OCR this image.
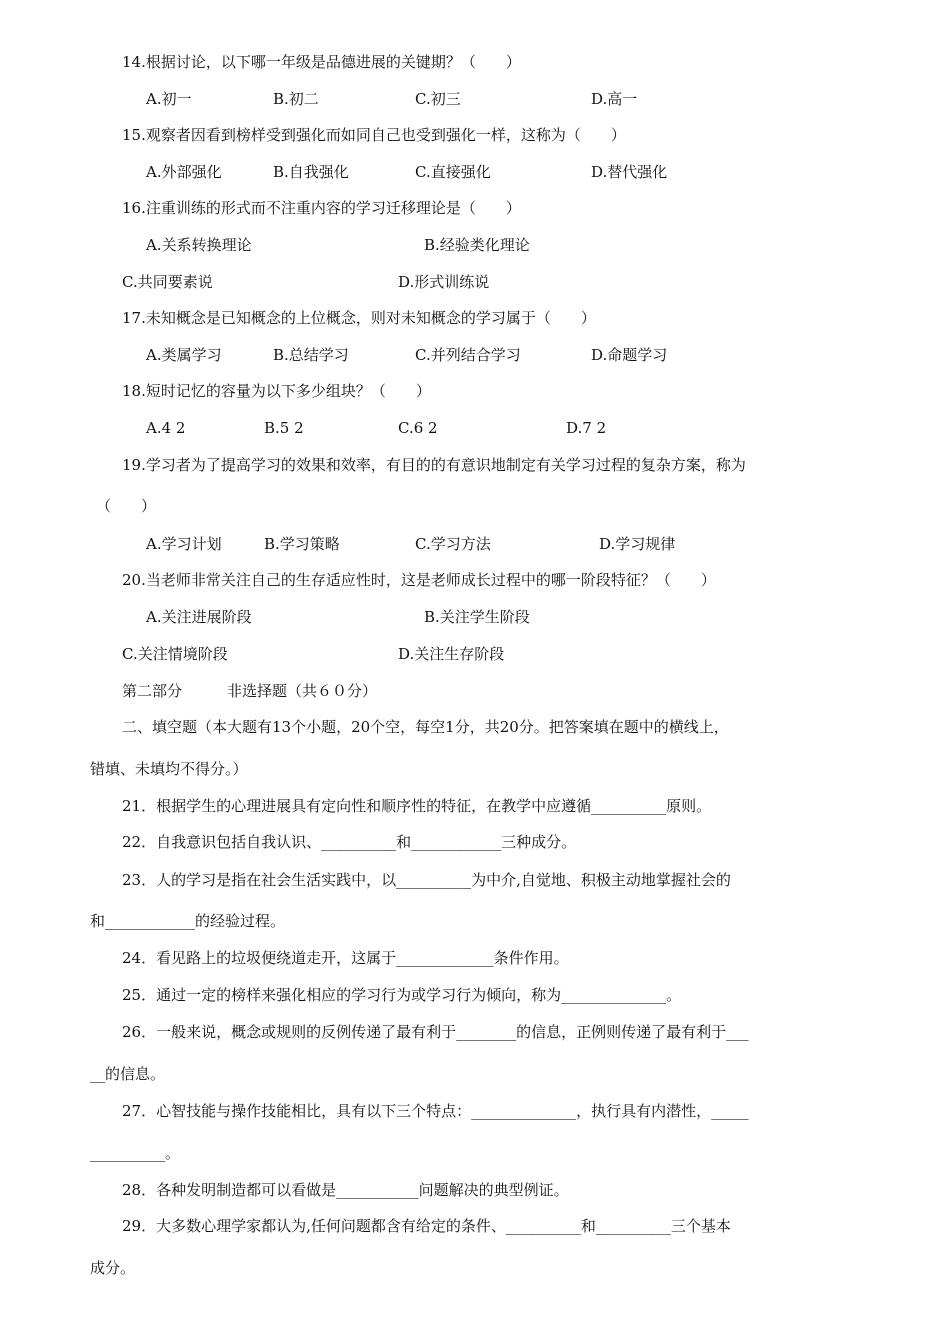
14.根据讨论，以下哪一年级是品德进展的关键期？（　　）
A.初一	B.初二	C.初三	D.高一
15.观察者因看到榜样受到强化而如同自己也受到强化一样，这称为（　　）
A.外部强化	B.自我强化	C.直接强化	D.替代强化
16.注重训练的形式而不注重内容的学习迁移理论是（　　）
A.关系转换理论	B.经验类化理论
C.共同要素说	D.形式训练说
17.未知概念是已知概念的上位概念，则对未知概念的学习属于（　　）
A.类属学习	B.总结学习	C.并列结合学习	D.命题学习
18.短时记忆的容量为以下多少组块？（　　）
A.4 2	B.5 2	C.6 2	D.7 2
19.学习者为了提高学习的效果和效率，有目的的有意识地制定有关学习过程的复杂方案，称为
（　　）
A.学习计划	B.学习策略	C.学习方法	D.学习规律
20.当老师非常关注自己的生存适应性时，这是老师成长过程中的哪一阶段特征？（　　）
A.关注进展阶段	B.关注学生阶段
C.关注情境阶段	D.关注生存阶段
第二部分　　　非选择题（共６０分）
二、填空题（本大题有13个小题，20个空，每空1分，共20分。把答案填在题中的横线上，
错填、未填均不得分。）
21．根据学生的心理进展具有定向性和顺序性的特征，在教学中应遵循__________原则。
22．自我意识包括自我认识、__________和____________三种成分。
23．人的学习是指在社会生活实践中，以__________为中介,自觉地、积极主动地掌握社会的
和____________的经验过程。
24．看见路上的垃圾便绕道走开，这属于_____________条件作用。
25．通过一定的榜样来强化相应的学习行为或学习行为倾向，称为______________。
26．一般来说，概念或规则的反例传递了最有利于________的信息，正例则传递了最有利于___
__的信息。
27．心智技能与操作技能相比，具有以下三个特点：______________，执行具有内潜性，_____
__________。
28．各种发明制造都可以看做是___________问题解决的典型例证。
29．大多数心理学家都认为,任何问题都含有给定的条件、__________和__________三个基本
成分。
